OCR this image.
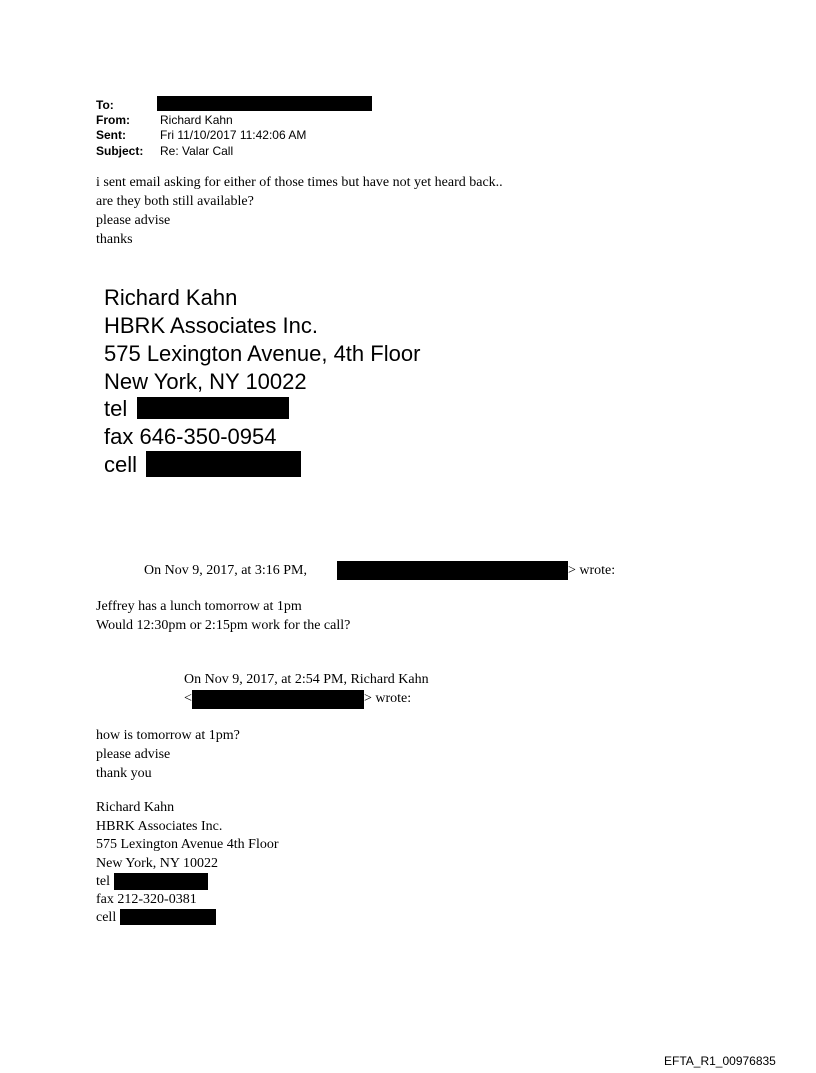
To:
From:	Richard Kahn
Sent:	Fri 11/10/2017 11:42:06 AM
Subject: Re: Valar Call
i sent email asking for either of those times but have not yet heard back..
are they both still available?
please advise
thanks
Richard Kahn
HBRK Associates Inc.
575 Lexington Avenue, 4th Floor
New York, NY 10022
tel
fax 646-350-0954
cell
On Nov 9, 2017, at 3:16 PM,	> wrote:
Jeffrey has a lunch tomorrow at 1pm
Would 12:30pm or 2:15pm work for the call?
On Nov 9, 2017, at 2:54 PM, Richard Kahn
<	> wrote:
how is tomorrow at 1pm?
please advise
thank you
Richard Kahn
HBRK Associates Inc.
575 Lexington Avenue 4th Floor
New York, NY 10022
tel
fax 212-320-0381
cell
EFTA_R1_00976835
